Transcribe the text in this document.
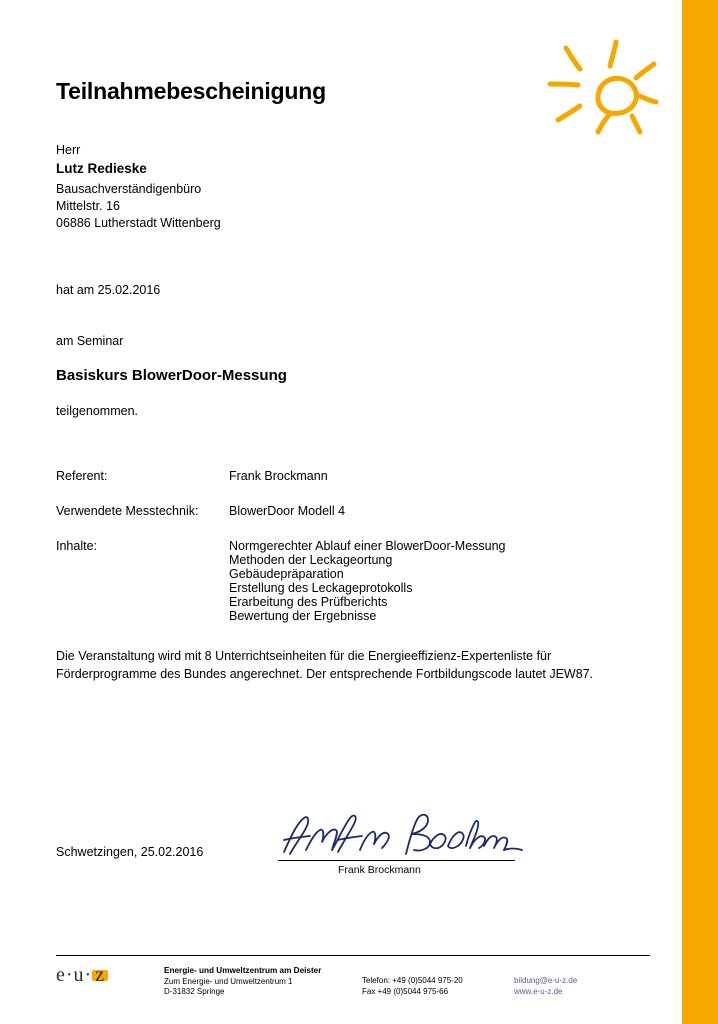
Teilnahmebescheinigung
Herr
Lutz Redieske
Bausachverständigenbüro
Mittelstr. 16
06886 Lutherstadt Wittenberg
hat am 25.02.2016
am Seminar
Basiskurs BlowerDoor-Messung
teilgenommen.
Referent:	Frank Brockmann
Verwendete Messtechnik:	BlowerDoor Modell 4
Inhalte:	Normgerechter Ablauf einer BlowerDoor-Messung
Methoden der Leckageortung
Gebäudepräparation
Erstellung des Leckageprotokolls
Erarbeitung des Prüfberichts
Bewertung der Ergebnisse
Die Veranstaltung wird mit 8 Unterrichtseinheiten für die Energieeffizienz-Expertenliste für Förderprogramme des Bundes angerechnet. Der entsprechende Fortbildungscode lautet JEW87.
Schwetzingen, 25.02.2016
Frank Brockmann
e·u· z	Energie- und Umweltzentrum am Deister
Zum Energie- und Umweltzentrum 1
D-31832 Springe
Telefon: +49 (0)5044 975-20
Fax +49 (0)5044 975-66
bildung@e-u-z.de
www.e-u-z.de
